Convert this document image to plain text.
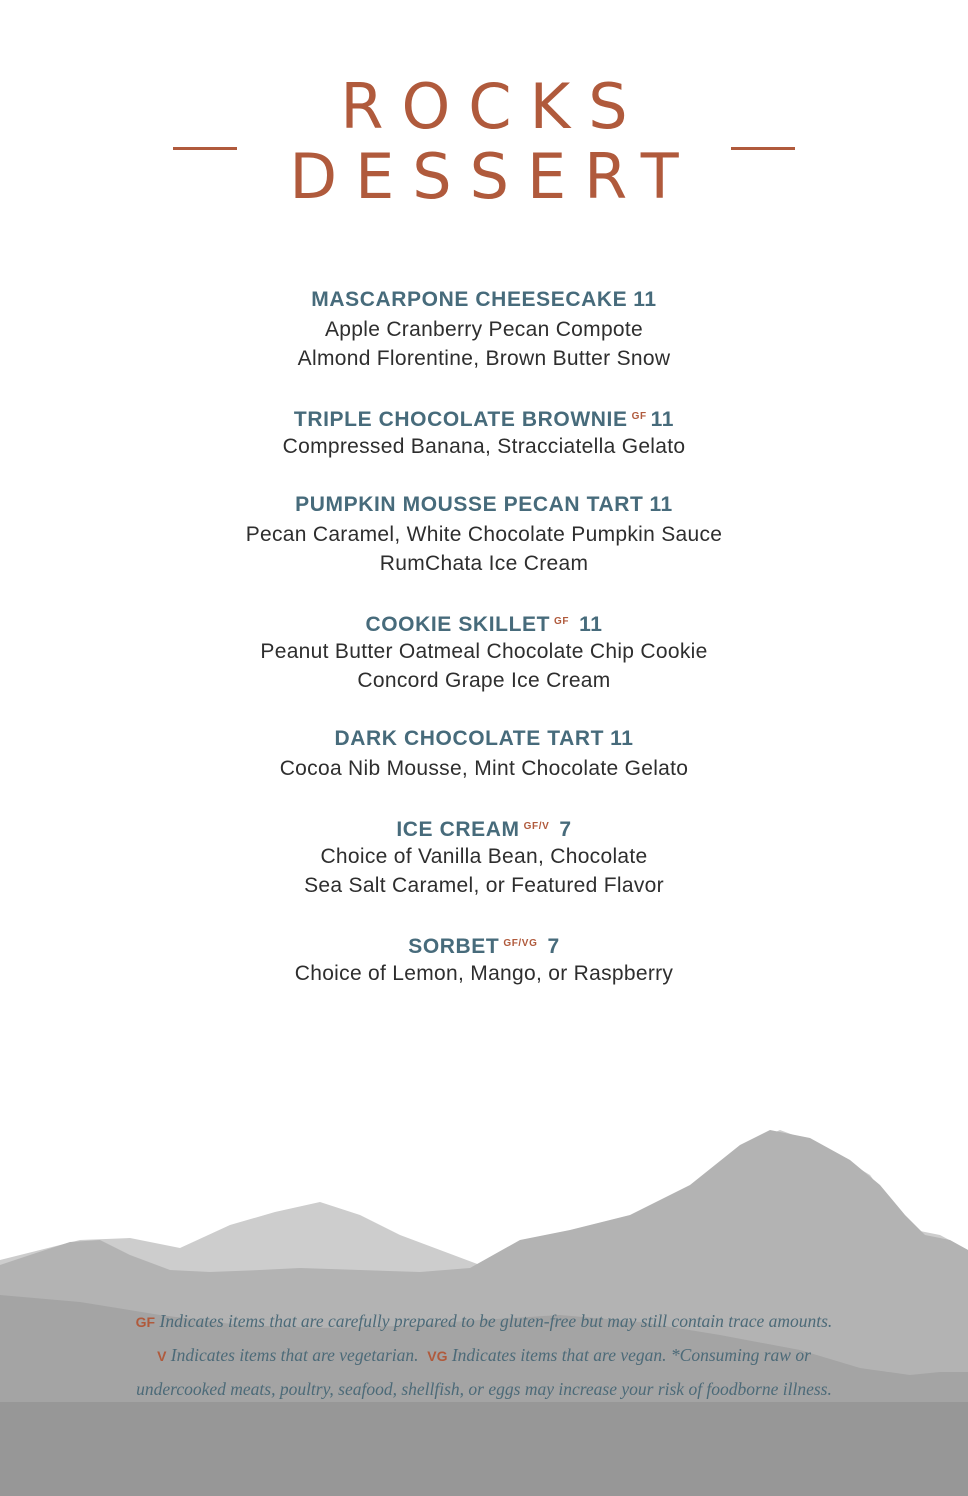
ROCKS
DESSERT
MASCARPONE CHEESECAKE 11
Apple Cranberry Pecan Compote
Almond Florentine, Brown Butter Snow
TRIPLE CHOCOLATE BROWNIE $^{GF}$ 11
Compressed Banana, Stracciatella Gelato
PUMPKIN MOUSSE PECAN TART 11
Pecan Caramel, White Chocolate Pumpkin Sauce
RumChata Ice Cream
COOKIE SKILLET $^{GF}$ 11
Peanut Butter Oatmeal Chocolate Chip Cookie
Concord Grape Ice Cream
DARK CHOCOLATE TART 11
Cocoa Nib Mousse, Mint Chocolate Gelato
ICE CREAM $^{GF/V}$ 7
Choice of Vanilla Bean, Chocolate
Sea Salt Caramel, or Featured Flavor
SORBET $^{GF/VG}$ 7
Choice of Lemon, Mango, or Raspberry
GF Indicates items that are carefully prepared to be gluten-free but may still contain trace amounts.
V Indicates items that are vegetarian. VG Indicates items that are vegan. *Consuming raw or
undercooked meats, poultry, seafood, shellfish, or eggs may increase your risk of foodborne illness.
